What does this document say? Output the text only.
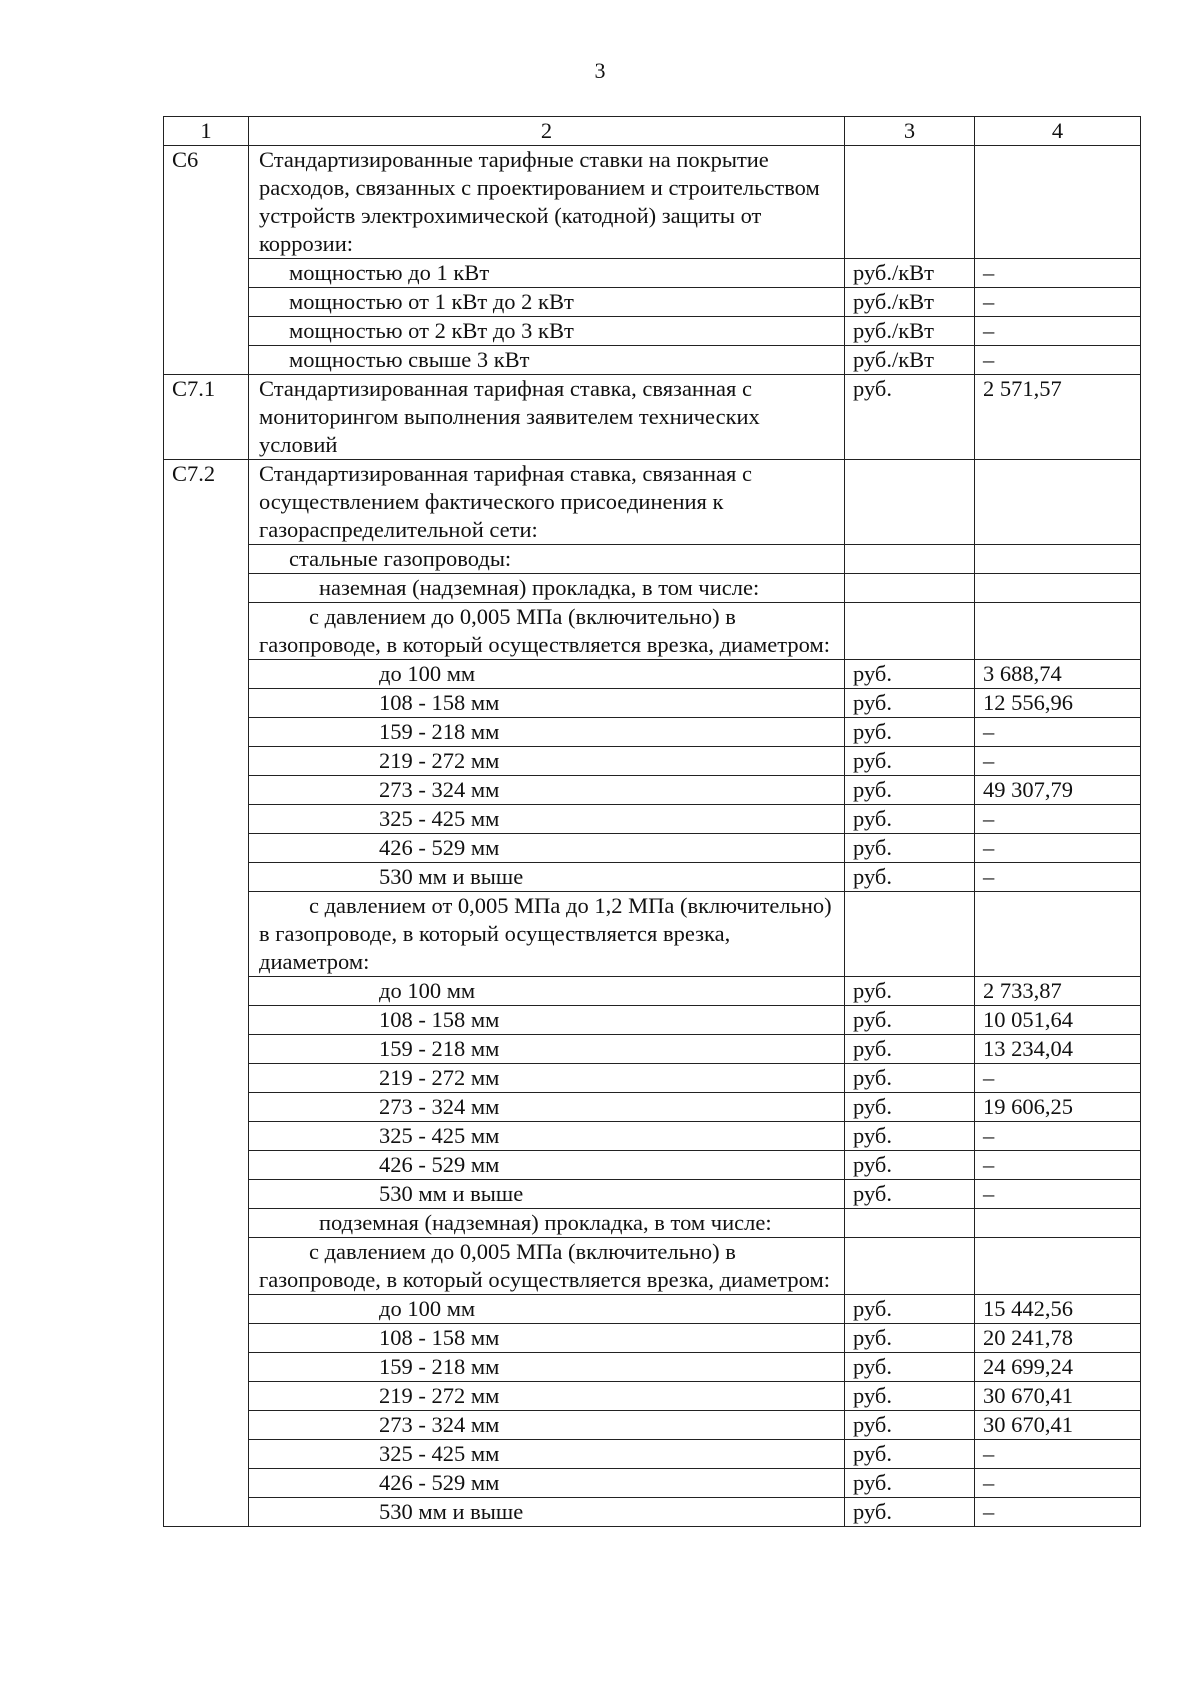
3
1	2	3	4
С6	Стандартизированные тарифные ставки на покрытие расходов, связанных с проектированием и строительством устройств электрохимической (катодной) защиты от коррозии:		
	мощностью до 1 кВт	руб./кВт	–
	мощностью от 1 кВт до 2 кВт	руб./кВт	–
	мощностью от 2 кВт до 3 кВт	руб./кВт	–
	мощностью свыше 3 кВт	руб./кВт	–
С7.1	Стандартизированная тарифная ставка, связанная с мониторингом выполнения заявителем технических условий	руб.	2 571,57
С7.2	Стандартизированная тарифная ставка, связанная с осуществлением фактического присоединения к газораспределительной сети:		
	стальные газопроводы:		
	наземная (надземная) прокладка, в том числе:		
	с давлением до 0,005 МПа (включительно) в газопроводе, в который осуществляется врезка, диаметром:		
	до 100 мм	руб.	3 688,74
	108 - 158 мм	руб.	12 556,96
	159 - 218 мм	руб.	–
	219 - 272 мм	руб.	–
	273 - 324 мм	руб.	49 307,79
	325 - 425 мм	руб.	–
	426 - 529 мм	руб.	–
	530 мм и выше	руб.	–
	с давлением от 0,005 МПа до 1,2 МПа (включительно) в газопроводе, в который осуществляется врезка, диаметром:		
	до 100 мм	руб.	2 733,87
	108 - 158 мм	руб.	10 051,64
	159 - 218 мм	руб.	13 234,04
	219 - 272 мм	руб.	–
	273 - 324 мм	руб.	19 606,25
	325 - 425 мм	руб.	–
	426 - 529 мм	руб.	–
	530 мм и выше	руб.	–
	подземная (надземная) прокладка, в том числе:		
	с давлением до 0,005 МПа (включительно) в газопроводе, в который осуществляется врезка, диаметром:		
	до 100 мм	руб.	15 442,56
	108 - 158 мм	руб.	20 241,78
	159 - 218 мм	руб.	24 699,24
	219 - 272 мм	руб.	30 670,41
	273 - 324 мм	руб.	30 670,41
	325 - 425 мм	руб.	–
	426 - 529 мм	руб.	–
	530 мм и выше	руб.	–
